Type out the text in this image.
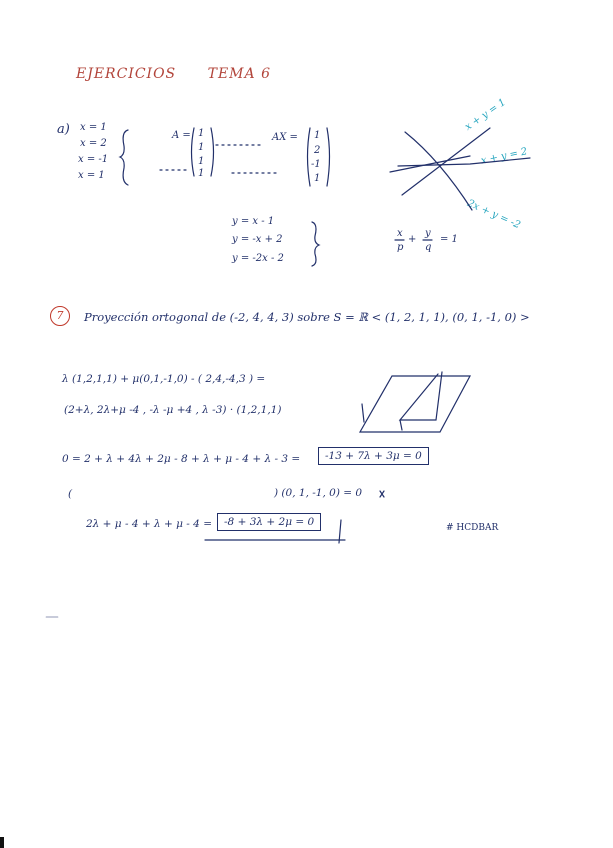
EJERCICIOS TEMA 6
a) x = 1
x = 2
x = -1
x = 1
A = 1
1
1
1
AX = 1
2
-1
1
y = x - 1
y = -x + 2
y = -2x - 2
x
p
+
y
q
= 1
x + y = 1
x + y = 2
2x + y = -2
7	Proyección ortogonal de (-2, 4, 4, 3) sobre S = ℝ < (1, 2, 1, 1), (0, 1, -1, 0) >
λ (1,2,1,1) + μ(0,1,-1,0) - ( 2,4,-4,3 ) =
(2+λ, 2λ+μ -4 , -λ -μ +4 , λ -3) · (1,2,1,1)
0 = 2 + λ + 4λ + 2μ - 8 + λ + μ - 4 + λ - 3 =	-13 + 7λ + 3μ = 0
(	) (0, 1, -1, 0) = 0
2λ + μ - 4 + λ + μ - 4 =	-8 + 3λ + 2μ = 0	# HCDBAR
